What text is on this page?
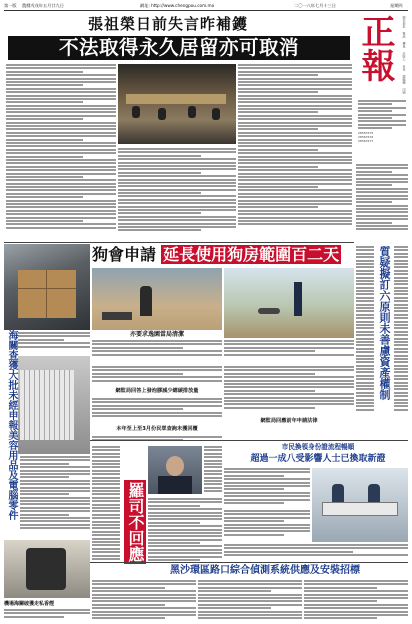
第一版 農曆戊戌年五月廿九日	網址: http://www.chengpou.com.mo	二〇一八年七月十三日	星期四
張祖榮日前失言昨補鑊
不法取得永久居留亦可取消	正報	總社地址 電話 傳真 出版人 社長 總編輯 印刷
28567675
28567676
28567677
質疑擬訂六原則未善慮資產權制
狗會申請 延長使用狗房範圍百二天
亦要求逸園當局清潔
海關查獲大批未經申報美容用品及電腦零件
機場海關破獲走私香煙
網監局回答上發泡膠減少總碳排放量
網監局回應前年申請法律
本年至上至3月份民眾查詢未獲回覆
羅司不回應
市民換領身份證流程暢順
超過一成八受影響人士已換取新證
黑沙環區路口綜合偵測系統供應及安裝招標
